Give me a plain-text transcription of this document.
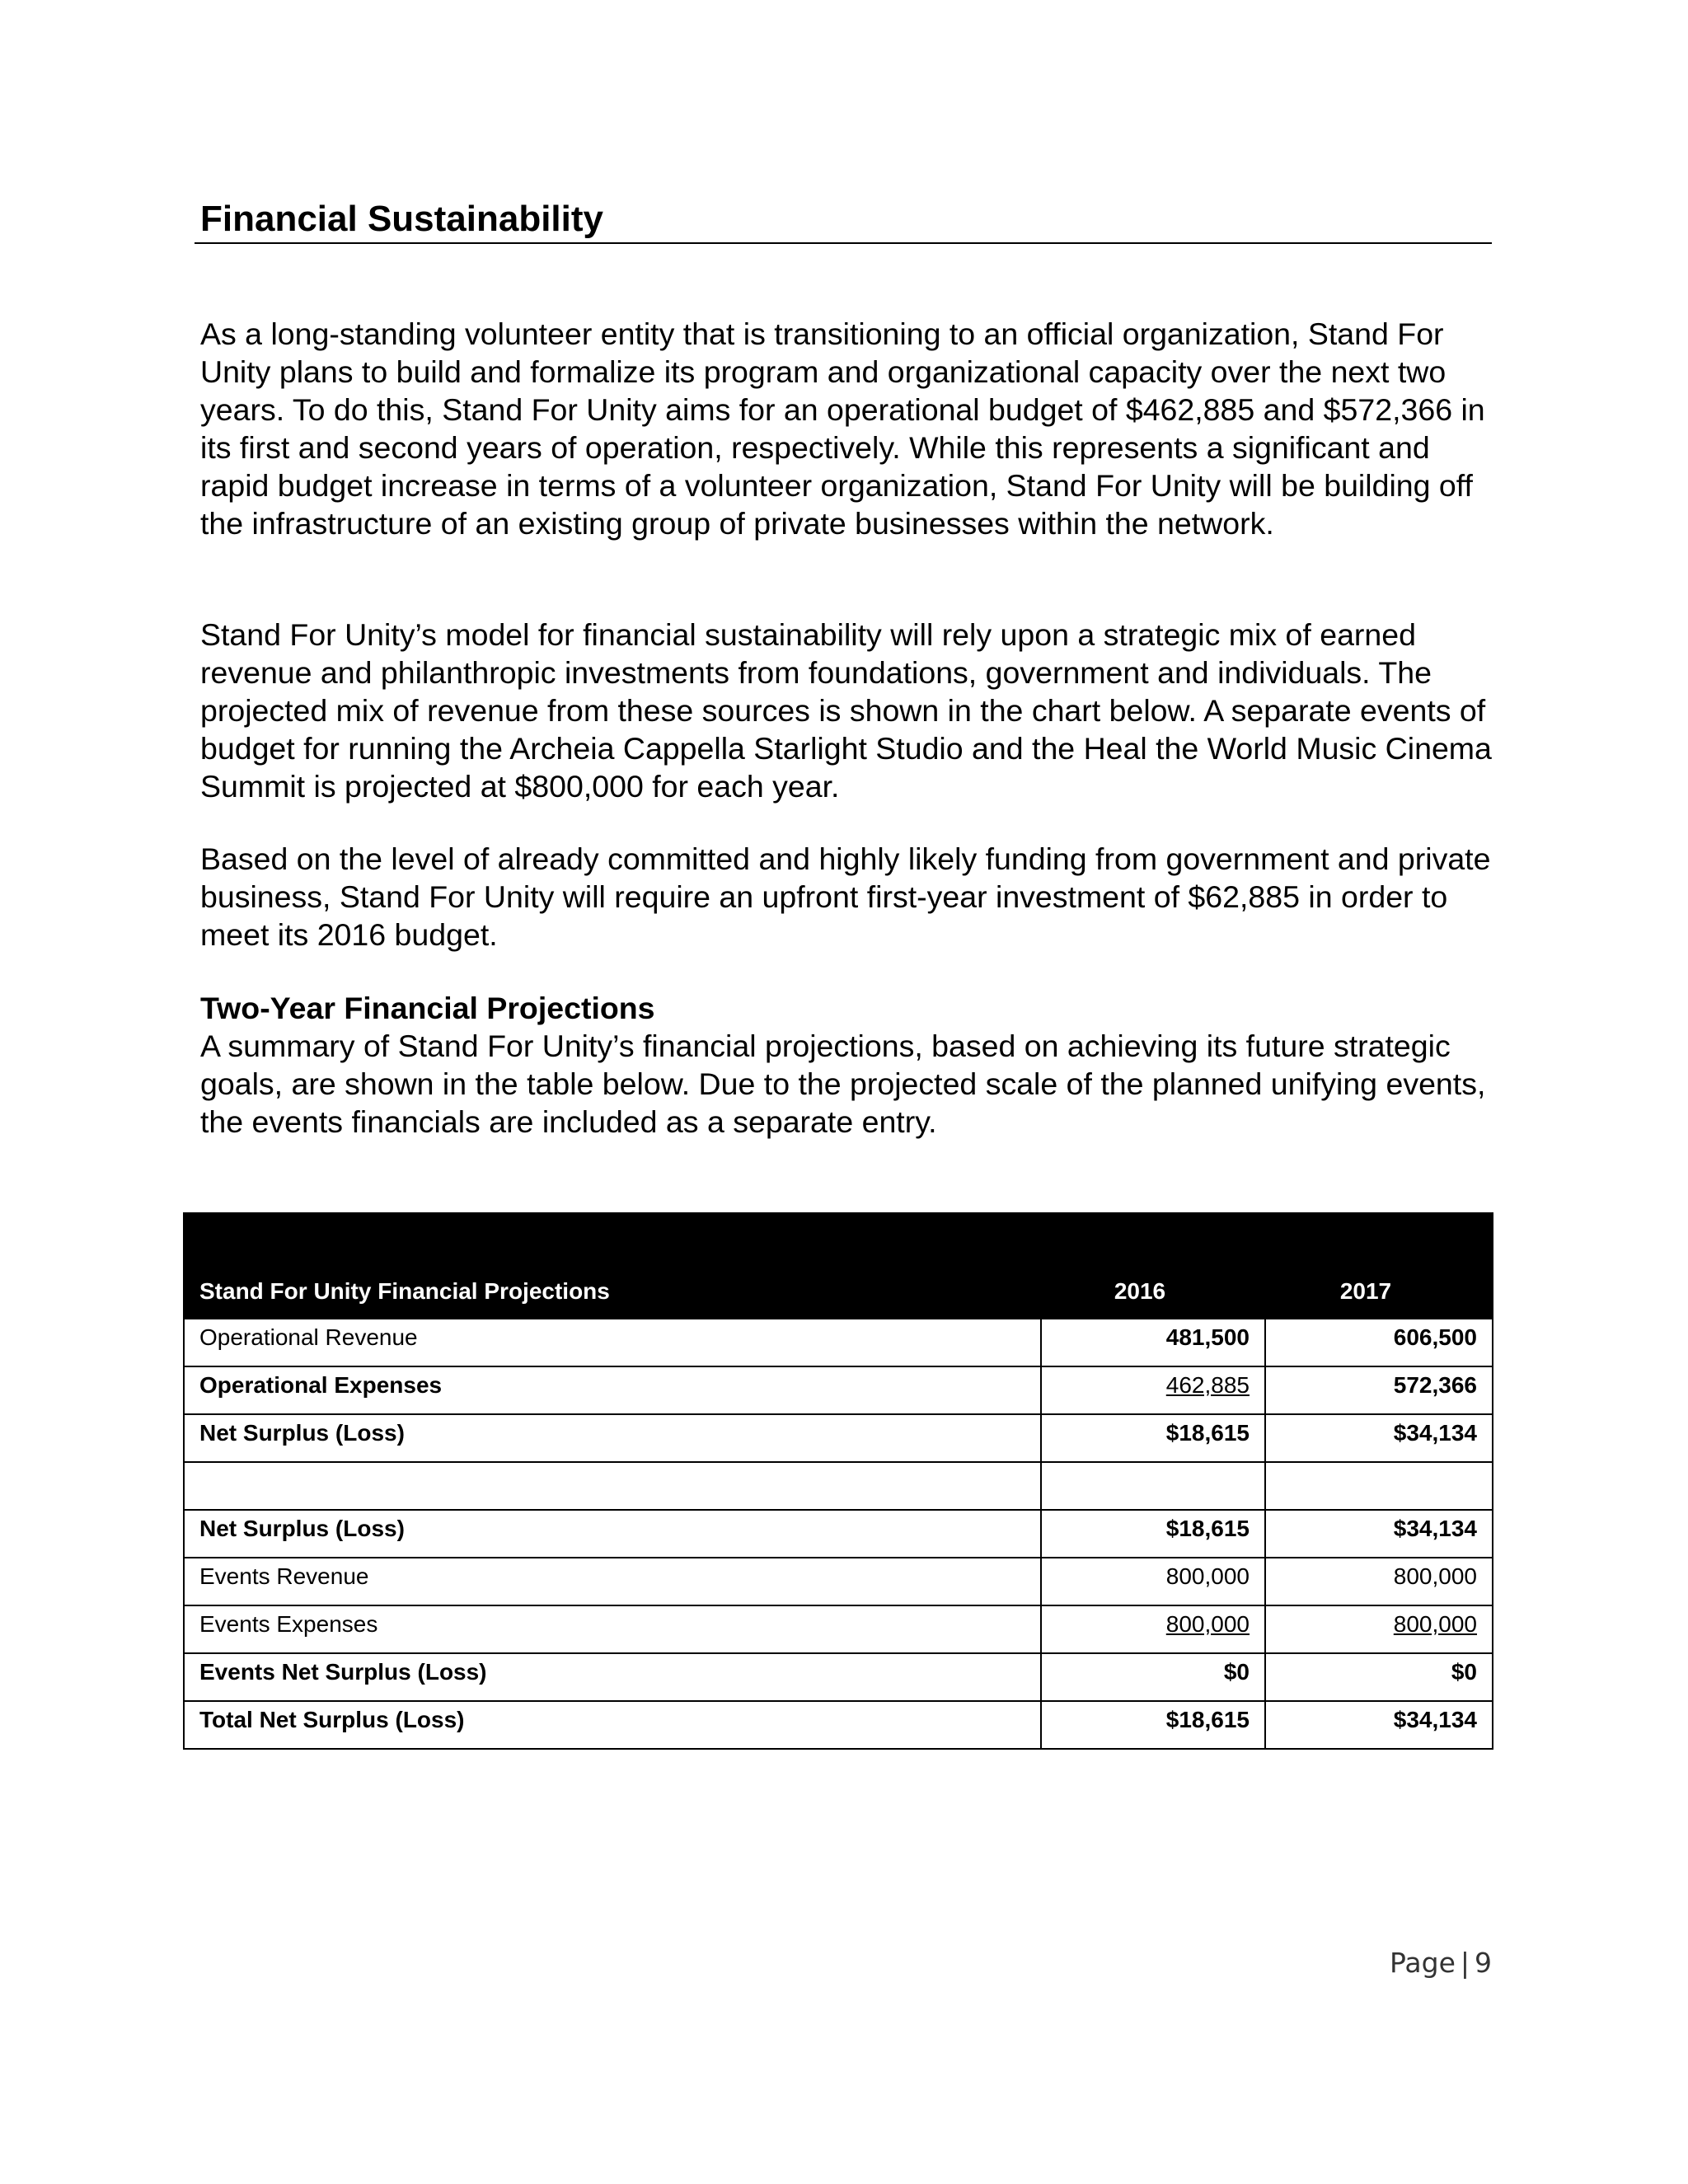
Financial Sustainability

As a long-standing volunteer entity that is transitioning to an official organization, Stand For Unity plans to build and formalize its program and organizational capacity over the next two years. To do this, Stand For Unity aims for an operational budget of $462,885 and $572,366 in its first and second years of operation, respectively. While this represents a significant and rapid budget increase in terms of a volunteer organization, Stand For Unity will be building off the infrastructure of an existing group of private businesses within the network.

Stand For Unity’s model for financial sustainability will rely upon a strategic mix of earned revenue and philanthropic investments from foundations, government and individuals. The projected mix of revenue from these sources is shown in the chart below. A separate events of budget for running the Archeia Cappella Starlight Studio and the Heal the World Music Cinema Summit is projected at $800,000 for each year.

Based on the level of already committed and highly likely funding from government and private business, Stand For Unity will require an upfront first-year investment of $62,885 in order to meet its 2016 budget.

Two-Year Financial Projections

A summary of Stand For Unity’s financial projections, based on achieving its future strategic goals, are shown in the table below. Due to the projected scale of the planned unifying events, the events financials are included as a separate entry.

Stand For Unity Financial Projections	2016	2017
Operational Revenue	481,500	606,500
Operational Expenses	462,885	572,366
Net Surplus (Loss)	$18,615	$34,134

Net Surplus (Loss)	$18,615	$34,134
Events Revenue	800,000	800,000
Events Expenses	800,000	800,000
Events Net Surplus (Loss)	$0	$0
Total Net Surplus (Loss)	$18,615	$34,134
Page | 9
